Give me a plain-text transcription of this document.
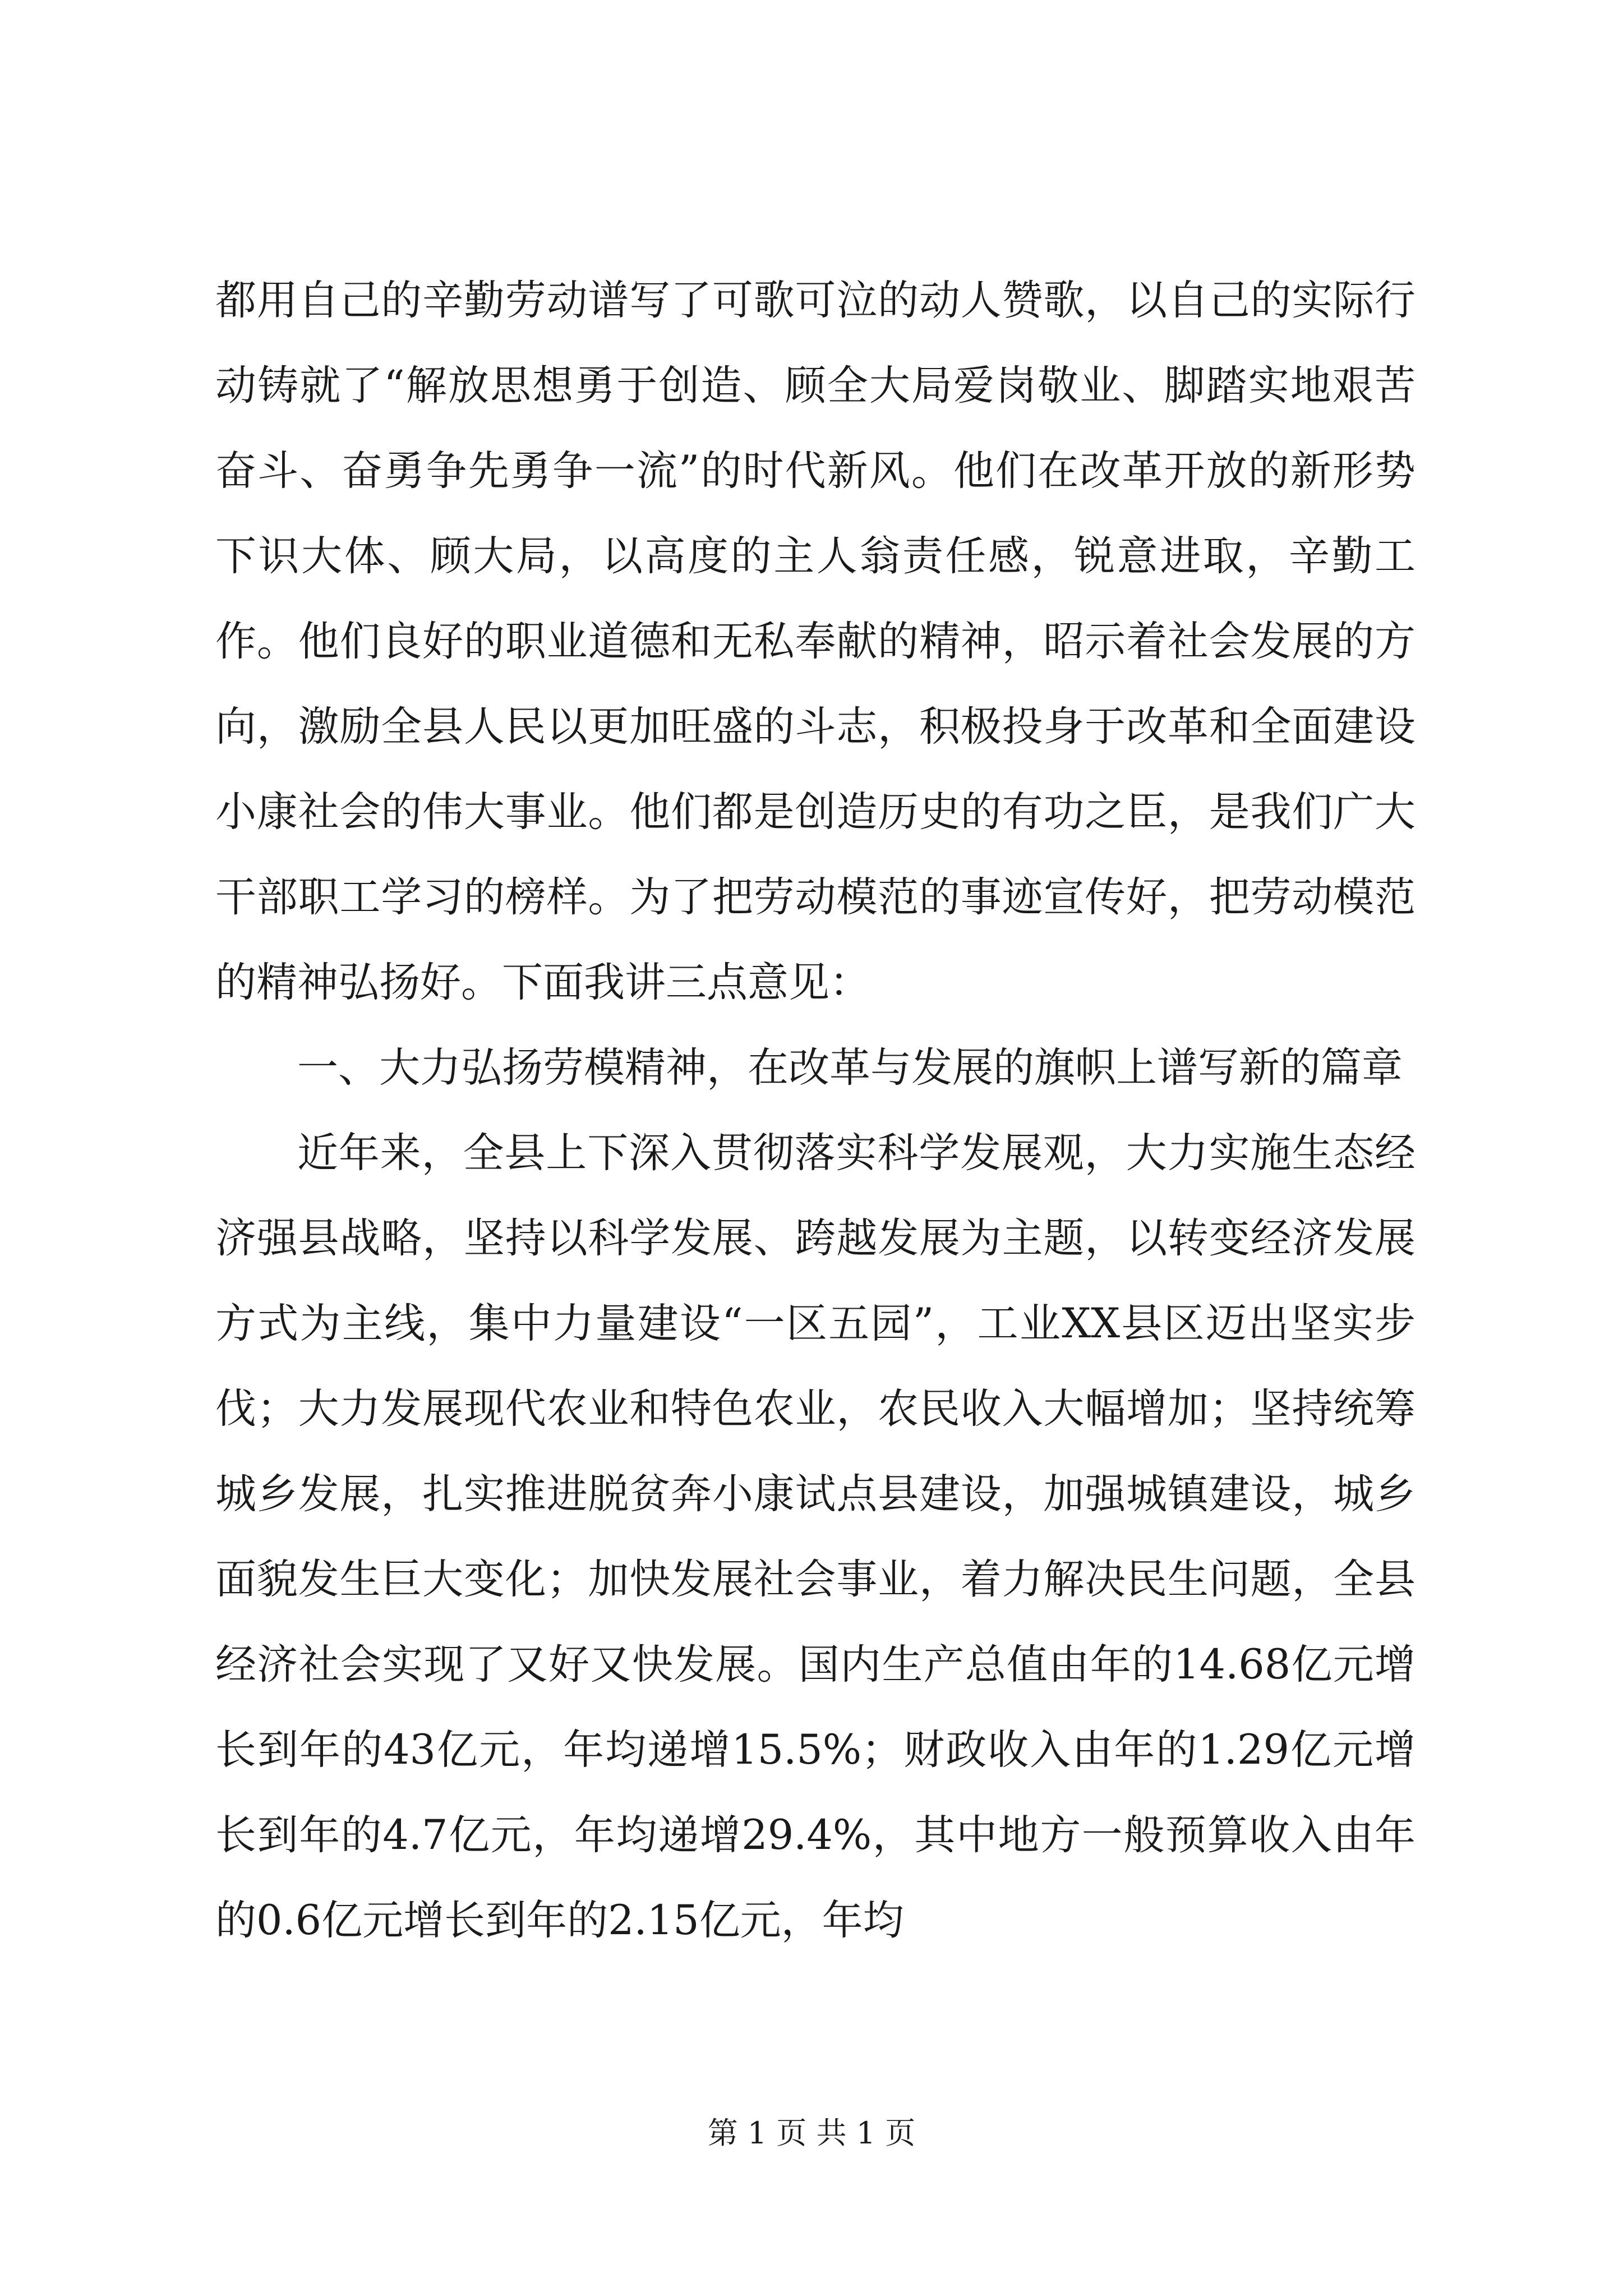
都用自己的辛勤劳动谱写了可歌可泣的动人赞歌，以自己的实际行动铸就了“解放思想勇于创造、顾全大局爱岗敬业、脚踏实地艰苦奋斗、奋勇争先勇争一流”的时代新风。他们在改革开放的新形势下识大体、顾大局，以高度的主人翁责任感，锐意进取，辛勤工作。他们良好的职业道德和无私奉献的精神，昭示着社会发展的方向，激励全县人民以更加旺盛的斗志，积极投身于改革和全面建设小康社会的伟大事业。他们都是创造历史的有功之臣，是我们广大干部职工学习的榜样。为了把劳动模范的事迹宣传好，把劳动模范的精神弘扬好。下面我讲三点意见：

一、大力弘扬劳模精神，在改革与发展的旗帜上谱写新的篇章

近年来，全县上下深入贯彻落实科学发展观，大力实施生态经济强县战略，坚持以科学发展、跨越发展为主题，以转变经济发展方式为主线，集中力量建设“一区五园”，工业XX县区迈出坚实步伐；大力发展现代农业和特色农业，农民收入大幅增加；坚持统筹城乡发展，扎实推进脱贫奔小康试点县建设，加强城镇建设，城乡面貌发生巨大变化；加快发展社会事业，着力解决民生问题，全县经济社会实现了又好又快发展。国内生产总值由年的14.68亿元增长到年的43亿元，年均递增15.5%；财政收入由年的1.29亿元增长到年的4.7亿元，年均递增29.4%，其中地方一般预算收入由年的0.6亿元增长到年的2.15亿元，年均

第 1 页 共 1 页
